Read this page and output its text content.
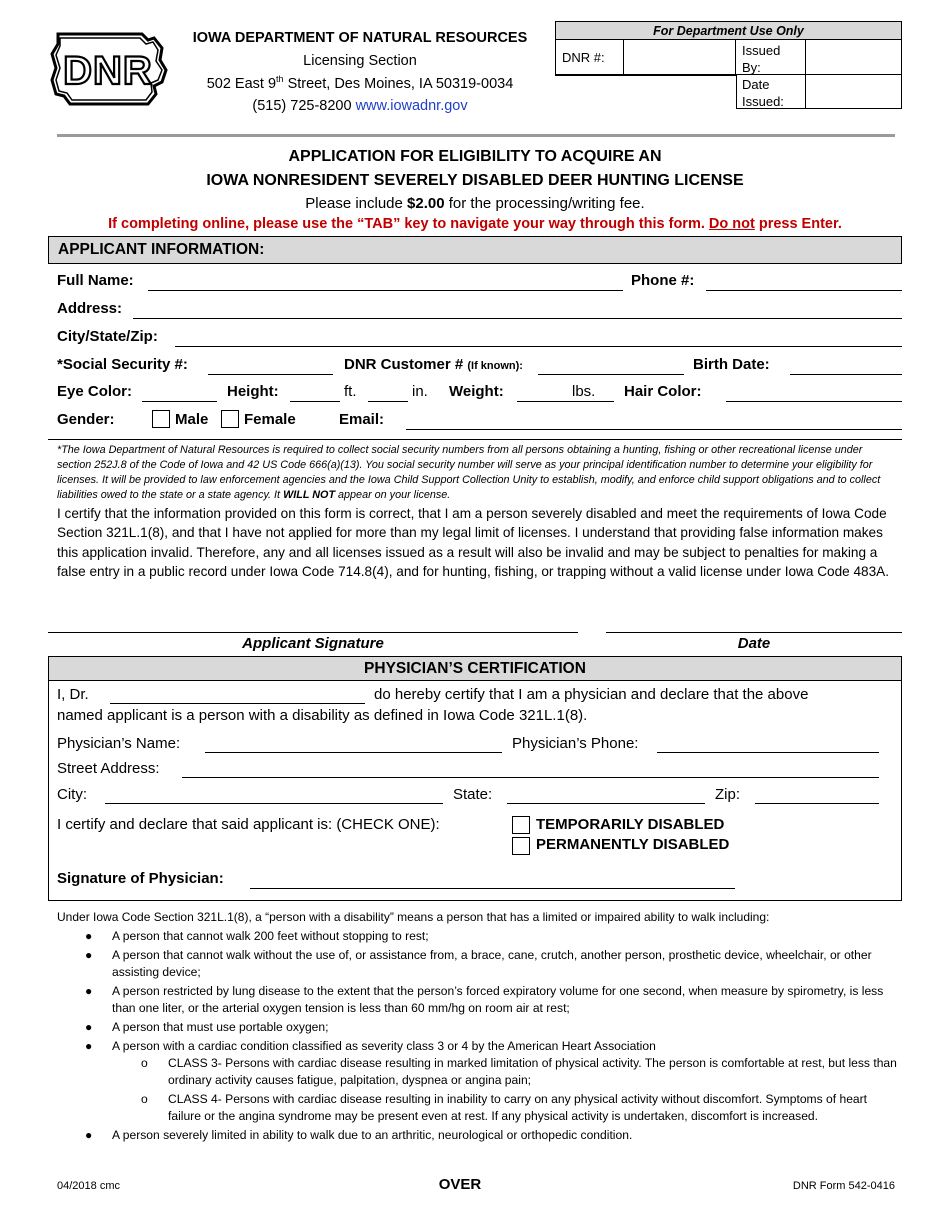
DNR
IOWA DEPARTMENT OF NATURAL RESOURCES
Licensing Section
502 East 9th Street, Des Moines, IA 50319-0034
(515) 725-8200 www.iowadnr.gov
For Department Use Only
DNR #:	Issued By:
Date Issued:
APPLICATION FOR ELIGIBILITY TO ACQUIRE AN
IOWA NONRESIDENT SEVERELY DISABLED DEER HUNTING LICENSE
Please include $2.00 for the processing/writing fee.
If completing online, please use the “TAB” key to navigate your way through this form. Do not press Enter.
APPLICANT INFORMATION:
Full Name:	Phone #:
Address:
City/State/Zip:
*Social Security #:	DNR Customer # (If known):	Birth Date:
Eye Color:	Height:	ft.	in. Weight:	lbs. Hair Color:
Gender:	Male Female	Email:
*The Iowa Department of Natural Resources is required to collect social security numbers from all persons obtaining a hunting, fishing or other recreational license under section 252J.8 of the Code of Iowa and 42 US Code 666(a)(13). You social security number will serve as your principal identification number to determine your eligibility for licenses. It will be provided to law enforcement agencies and the Iowa Child Support Collection Unity to establish, modify, and enforce child support obligations and to collect liabilities owed to the state or a state agency. It WILL NOT appear on your license.
I certify that the information provided on this form is correct, that I am a person severely disabled and meet the requirements of Iowa Code Section 321L.1(8), and that I have not applied for more than my legal limit of licenses. I understand that providing false information makes this application invalid. Therefore, any and all licenses issued as a result will also be invalid and may be subject to penalties for making a false entry in a public record under Iowa Code 714.8(4), and for hunting, fishing, or trapping without a valid license under Iowa Code 483A.
Applicant Signature	Date
PHYSICIAN’S CERTIFICATION
I, Dr.	do hereby certify that I am a physician and declare that the above
named applicant is a person with a disability as defined in Iowa Code 321L.1(8).
Physician’s Name:	Physician’s Phone:
Street Address:
City:	State:	Zip:
I certify and declare that said applicant is: (CHECK ONE):	TEMPORARILY DISABLED
PERMANENTLY DISABLED
Signature of Physician:
Under Iowa Code Section 321L.1(8), a “person with a disability” means a person that has a limited or impaired ability to walk including:
● A person that cannot walk 200 feet without stopping to rest;
● A person that cannot walk without the use of, or assistance from, a brace, cane, crutch, another person, prosthetic device, wheelchair, or other assisting device;
● A person restricted by lung disease to the extent that the person’s forced expiratory volume for one second, when measure by spirometry, is less than one liter, or the arterial oxygen tension is less than 60 mm/hg on room air at rest;
● A person that must use portable oxygen;
● A person with a cardiac condition classified as severity class 3 or 4 by the American Heart Association
o CLASS 3- Persons with cardiac disease resulting in marked limitation of physical activity. The person is comfortable at rest, but less than ordinary activity causes fatigue, palpitation, dyspnea or angina pain;
o CLASS 4- Persons with cardiac disease resulting in inability to carry on any physical activity without discomfort. Symptoms of heart failure or the angina syndrome may be present even at rest. If any physical activity is undertaken, discomfort is increased.
● A person severely limited in ability to walk due to an arthritic, neurological or orthopedic condition.
04/2018 cmc	OVER	DNR Form 542-0416
